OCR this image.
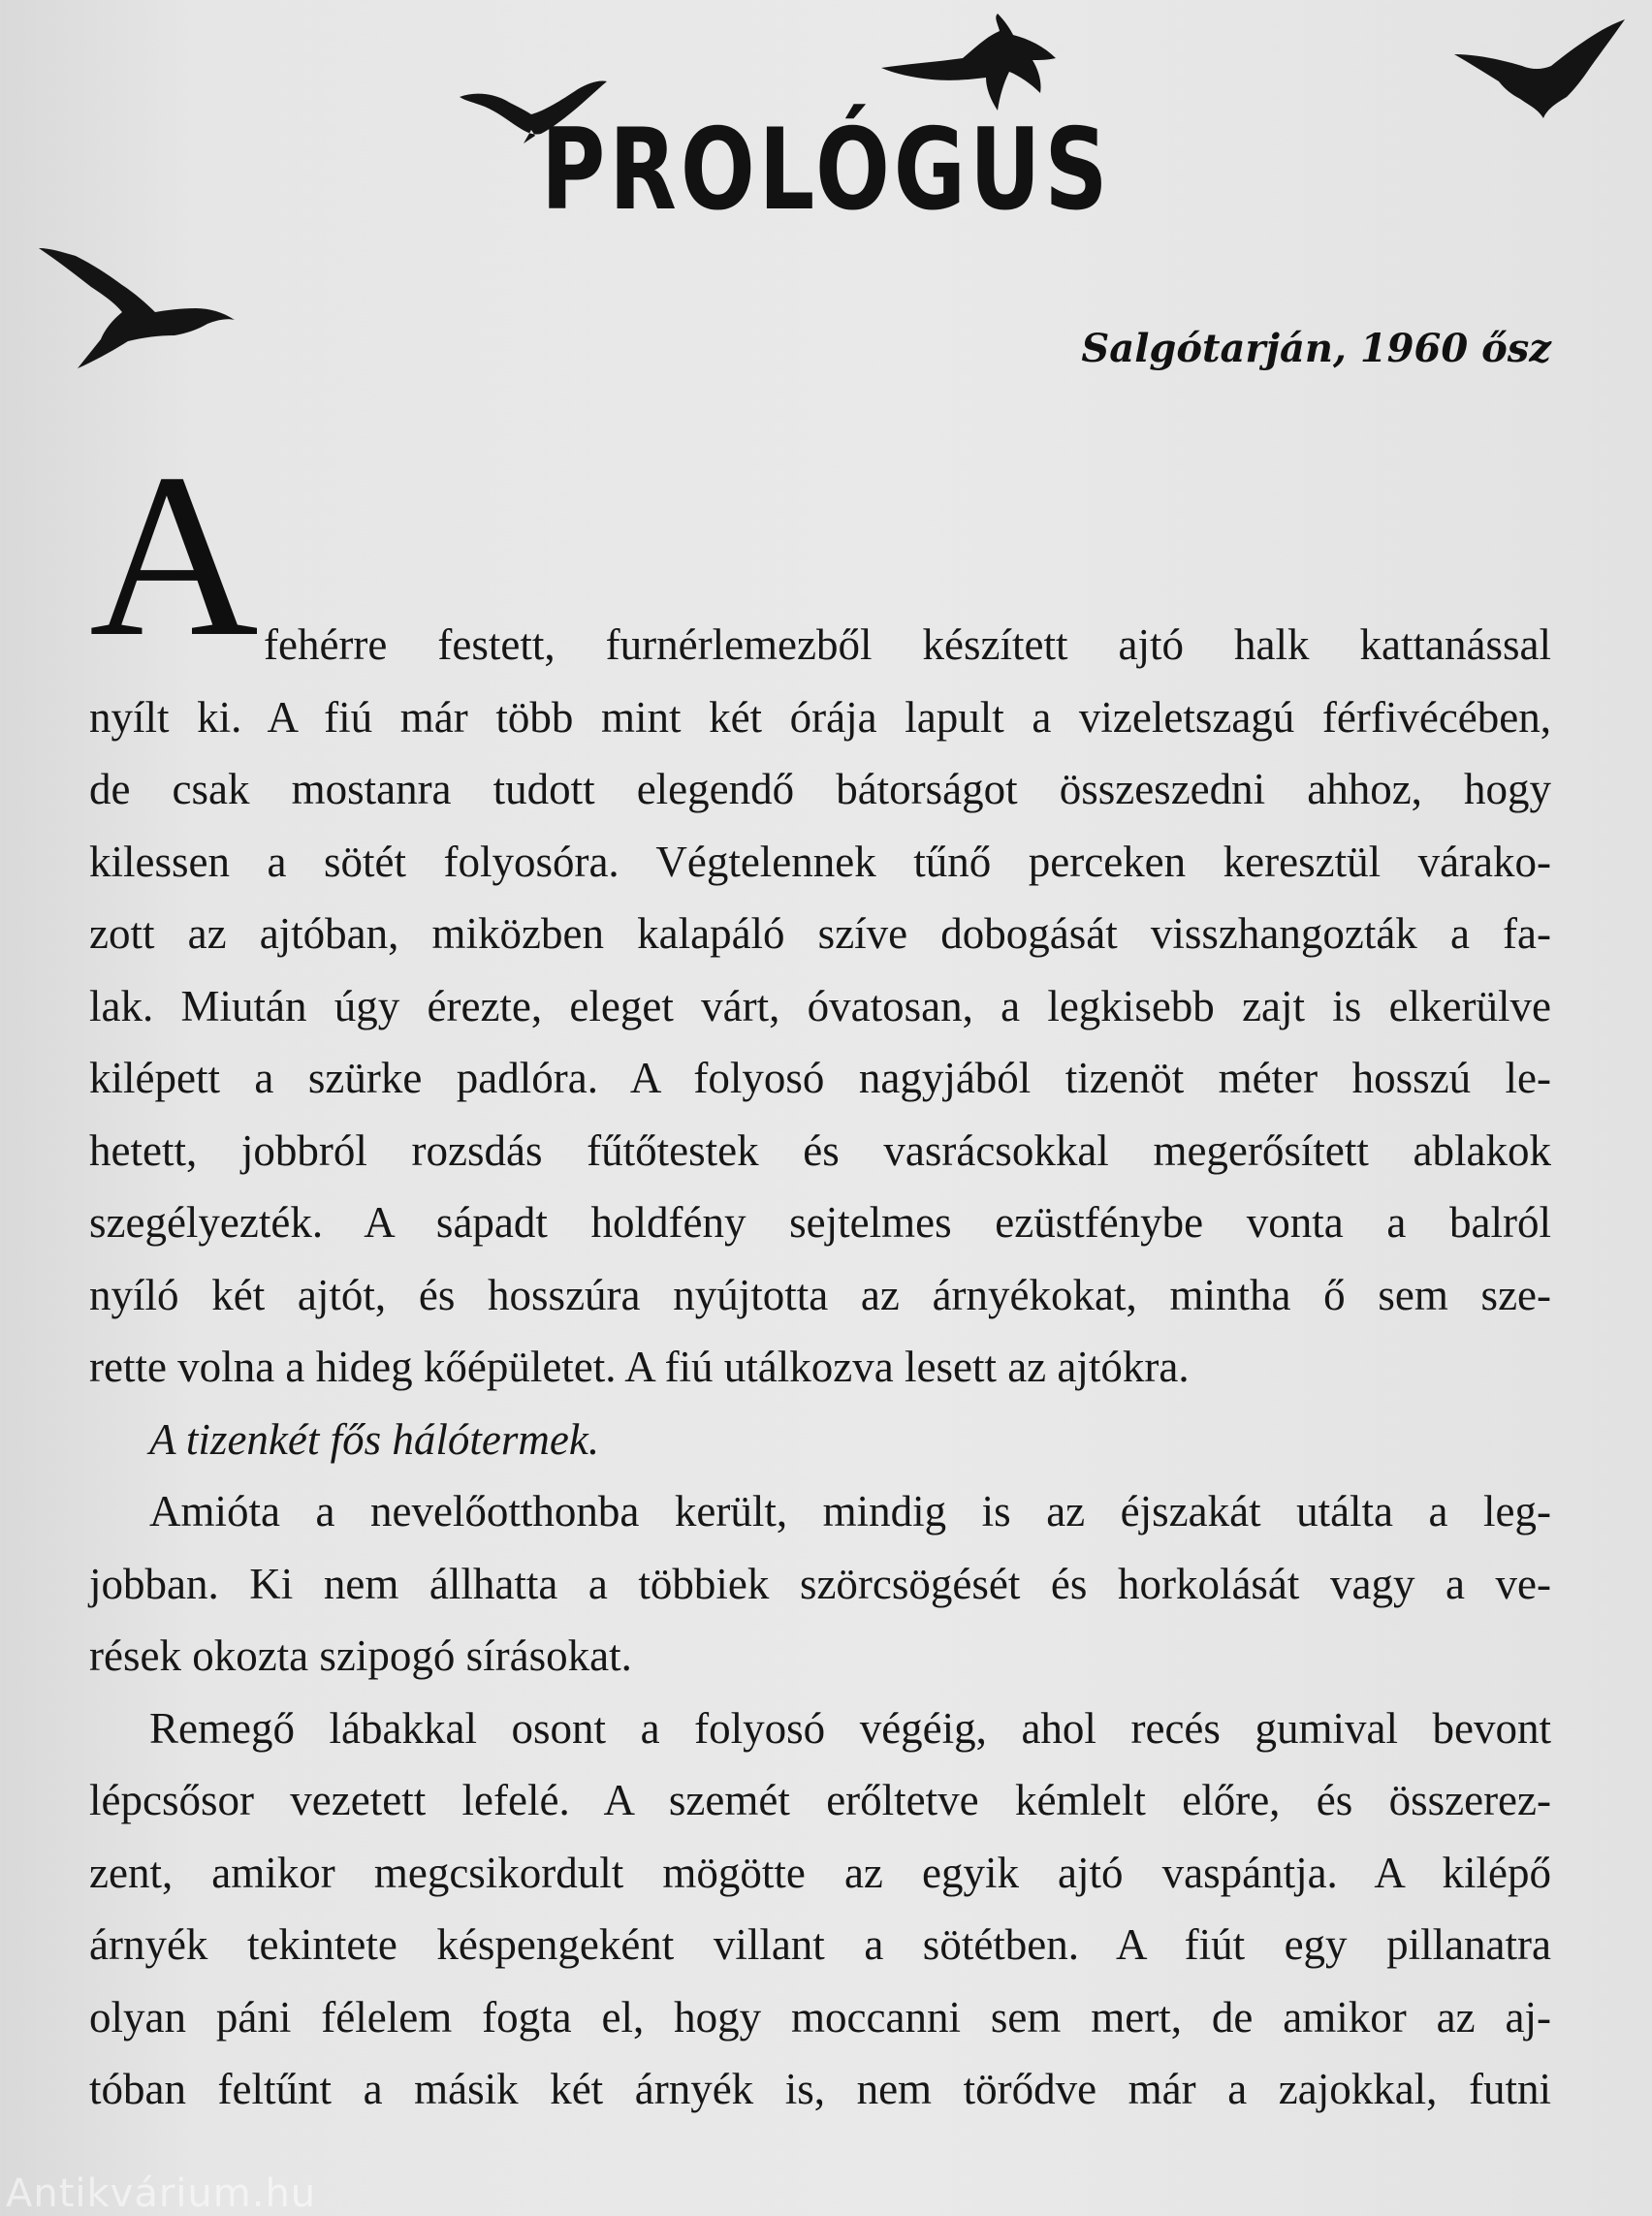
PROLÓGUS

Salgótarján, 1960 ősz

A fehérre festett, furnérlemezből készített ajtó halk kattanással

nyílt ki. A fiú már több mint két órája lapult a vizeletszagú férfivécében,

de csak mostanra tudott elegendő bátorságot összeszedni ahhoz, hogy

kilessen a sötét folyosóra. Végtelennek tűnő perceken keresztül várako-

zott az ajtóban, miközben kalapáló szíve dobogását visszhangozták a fa-

lak. Miután úgy érezte, eleget várt, óvatosan, a legkisebb zajt is elkerülve

kilépett a szürke padlóra. A folyosó nagyjából tizenöt méter hosszú le-

hetett, jobbról rozsdás fűtőtestek és vasrácsokkal megerősített ablakok

szegélyezték. A sápadt holdfény sejtelmes ezüstfénybe vonta a balról

nyíló két ajtót, és hosszúra nyújtotta az árnyékokat, mintha ő sem sze-

rette volna a hideg kőépületet. A fiú utálkozva lesett az ajtókra.

A tizenkét fős hálótermek.

Amióta a nevelőotthonba került, mindig is az éjszakát utálta a leg-

jobban. Ki nem állhatta a többiek szörcsögését és horkolását vagy a ve-

rések okozta szipogó sírásokat.

Remegő lábakkal osont a folyosó végéig, ahol recés gumival bevont

lépcsősor vezetett lefelé. A szemét erőltetve kémlelt előre, és összerez-

zent, amikor megcsikordult mögötte az egyik ajtó vaspántja. A kilépő

árnyék tekintete késpengeként villant a sötétben. A fiút egy pillanatra

olyan páni félelem fogta el, hogy moccanni sem mert, de amikor az aj-

tóban feltűnt a másik két árnyék is, nem törődve már a zajokkal, futni

Antikvárium.hu
